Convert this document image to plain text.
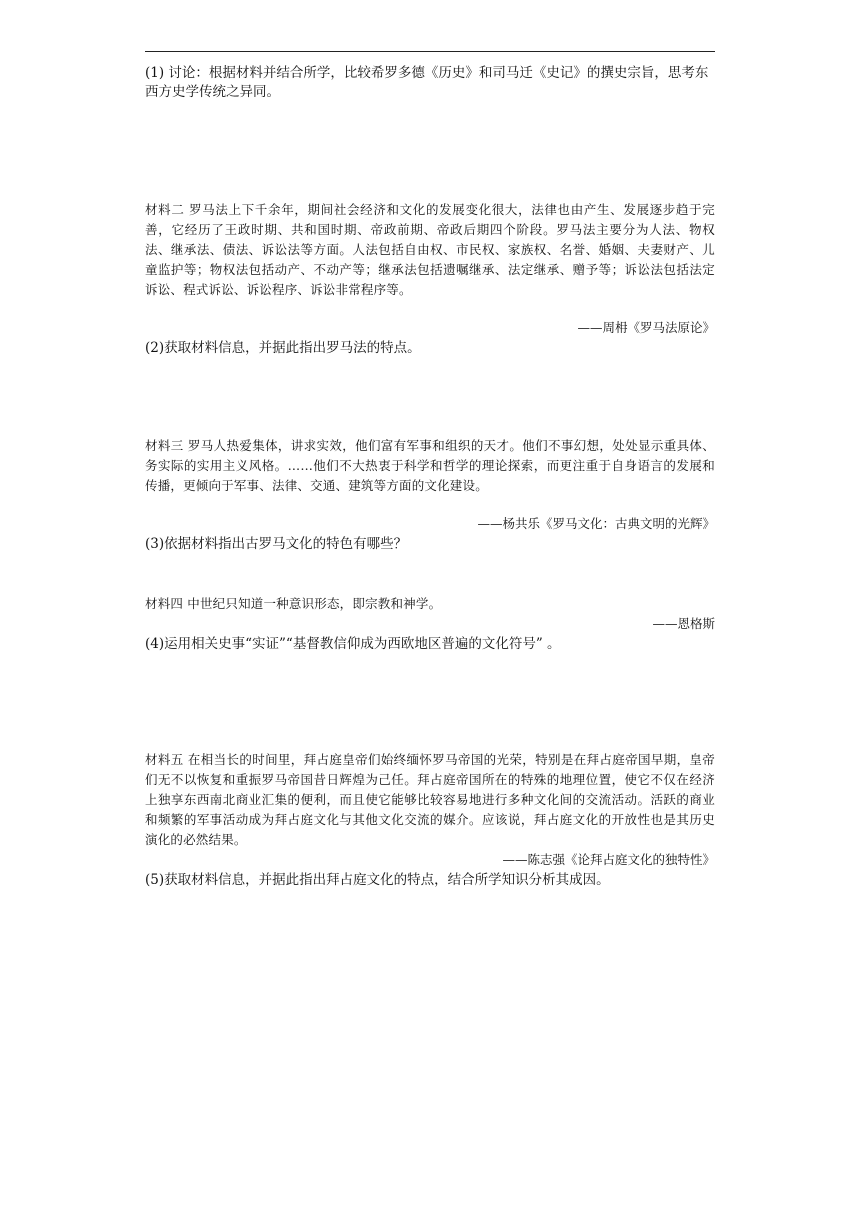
(1) 讨论：根据材料并结合所学，比较希罗多德《历史》和司马迁《史记》的撰史宗旨，思考东西方史学传统之异同。

材料二 罗马法上下千余年，期间社会经济和文化的发展变化很大，法律也由产生、发展逐步趋于完善，它经历了王政时期、共和国时期、帝政前期、帝政后期四个阶段。罗马法主要分为人法、物权法、继承法、债法、诉讼法等方面。人法包括自由权、市民权、家族权、名誉、婚姻、夫妻财产、儿童监护等；物权法包括动产、不动产等；继承法包括遗嘱继承、法定继承、赠予等；诉讼法包括法定诉讼、程式诉讼、诉讼程序、诉讼非常程序等。

——周枏《罗马法原论》

(2)获取材料信息，并据此指出罗马法的特点。

材料三 罗马人热爱集体，讲求实效，他们富有军事和组织的天才。他们不事幻想，处处显示重具体、务实际的实用主义风格。……他们不大热衷于科学和哲学的理论探索，而更注重于自身语言的发展和传播，更倾向于军事、法律、交通、建筑等方面的文化建设。

——杨共乐《罗马文化：古典文明的光辉》

(3)依据材料指出古罗马文化的特色有哪些？

材料四 中世纪只知道一种意识形态，即宗教和神学。

——恩格斯

(4)运用相关史事“实证”“基督教信仰成为西欧地区普遍的文化符号” 。

材料五 在相当长的时间里，拜占庭皇帝们始终缅怀罗马帝国的光荣，特别是在拜占庭帝国早期，皇帝们无不以恢复和重振罗马帝国昔日辉煌为己任。拜占庭帝国所在的特殊的地理位置，使它不仅在经济上独享东西南北商业汇集的便利，而且使它能够比较容易地进行多种文化间的交流活动。活跃的商业和频繁的军事活动成为拜占庭文化与其他文化交流的媒介。应该说，拜占庭文化的开放性也是其历史演化的必然结果。

——陈志强《论拜占庭文化的独特性》

(5)获取材料信息，并据此指出拜占庭文化的特点，结合所学知识分析其成因。
